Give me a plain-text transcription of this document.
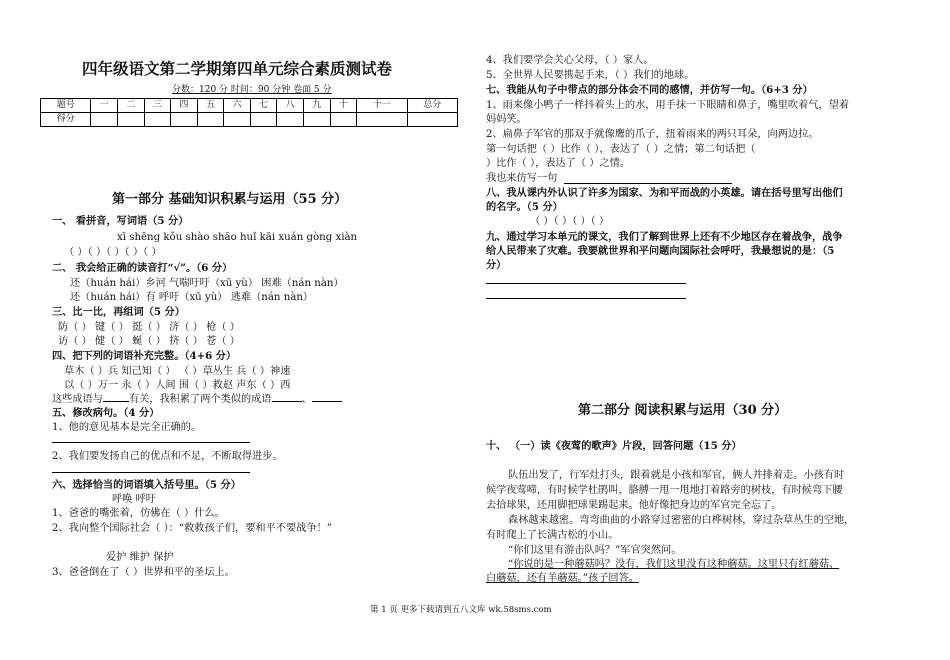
四年级语文第二学期第四单元综合素质测试卷
分数：120 分 时间：90 分钟 卷面 5 分
题号	一	二	三	四	五	六	七	八	九	十	十一	总分
得分												
第一部分 基础知识积累与运用（55 分）
一、 看拼音，写词语（5 分）
xī shēng kǒu shào shāo huǐ kāi xuán gòng xiàn
（ ）（ ）（ ）（ ）（ ）
二、 我会给正确的读音打“√”。（6 分）
还（huán hái）乡河 气喘吁吁（xū yù） 困难（nán nàn）
还（huán hái）有 呼吁（xū yù） 逃难（nán nàn）
三、比一比，再组词（5 分）
防（ ） 键（ ） 挺（ ） 济（ ） 枪（ ）
访（ ） 健（ ） 蜒（ ） 挤（ ） 苍（ ）
四、把下列的词语补充完整。（4+6 分）
草木（ ）兵 知己知（ ） （ ）草丛生 兵（ ）神速
以（ ）万一 永（ ）人间 围（ ）救赵 声东（ ）西
这些成语与	有关，我积累了两个类似的成语	、
五、修改病句。（4 分）
1、他的意见基本是完全正确的。
2、我们要发扬自己的优点和不足，不断取得进步。
六、选择恰当的词语填入括号里。（5 分）
呼唤 呼吁
1、爸爸的嘴张着，仿佛在（ ）什么。
2、我向整个国际社会（ ）：“救救孩子们，要和平不要战争！”
爱护 维护 保护
3、爸爸倒在了（ ）世界和平的圣坛上。
4、我们要学会关心父母，（ ）家人。
5、全世界人民要携起手来，（ ）我们的地球。
七、我能从句子中带点的部分体会不同的感情，并仿写一句。（6+3 分）
1、雨来像小鸭子一样抖着头上的水，用手抹一下眼睛和鼻子，嘴里吹着气，望着
妈妈笑。
2、扁鼻子军官的那双手就像鹰的爪子，扭着雨来的两只耳朵，向两边拉。
第一句话把（ ）比作（ ），表达了（ ）之情；第二句话把（
）比作（ ），表达了（ ）之情。
我也来仿写一句
八、我从课内外认识了许多为国家、为和平而战的小英雄。请在括号里写出他们
的名字。（5 分）
（ ）（ ）（ ）（ ）
九、通过学习本单元的课文，我们了解到世界上还有不少地区存在着战争，战争
给人民带来了灾难。我要就世界和平问题向国际社会呼吁，我最想说的是：（5
分）
第二部分 阅读积累与运用（30 分）
十、 （一）读《夜莺的歌声》片段，回答问题（15 分）
队伍出发了，行军灶打头，跟着就是小孩和军官，俩人并排着走。小孩有时
候学夜莺啼，有时候学杜鹃叫，胳膊一甩一甩地打着路旁的树枝，有时候弯下腰
去拾球果，还用脚把球果踢起来。他好像把身边的军官完全忘了。
森林越来越密。弯弯曲曲的小路穿过密密的白桦树林，穿过杂草丛生的空地，
有时爬上了长满古松的小山。
“你们这里有游击队吗？”军官突然问。
“你说的是一种蘑菇吗？没有，我们这里没有这种蘑菇。这里只有红蘑菇、
白蘑菇，还有羊蘑菇。”孩子回答。
第 1 页 更多下载请到五八文库 wk.58sms.com
